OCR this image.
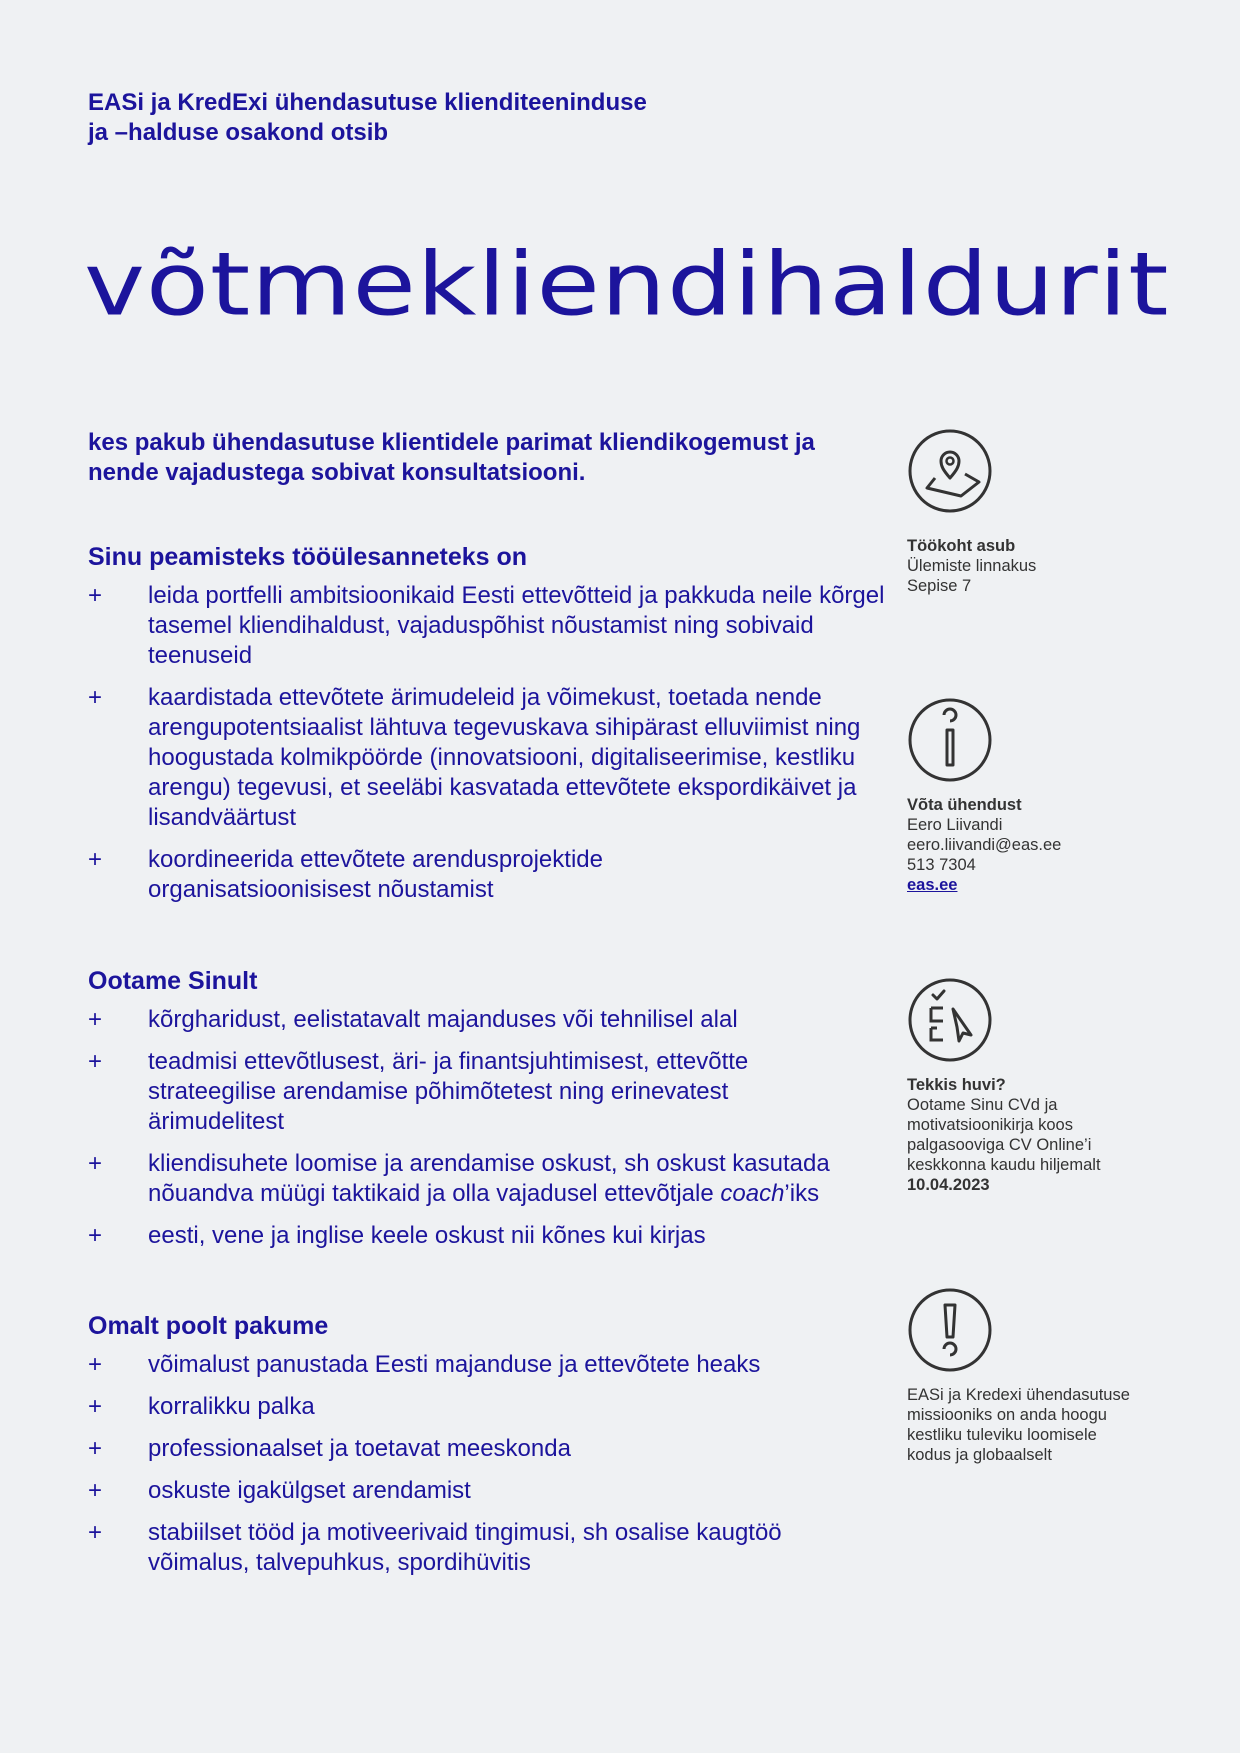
EASi ja KredExi ühendasutuse klienditeeninduse
ja –halduse osakond otsib
võtmekliendihaldurit
kes pakub ühendasutuse klientidele parimat kliendikogemust ja
nende vajadustega sobivat konsultatsiooni.
Sinu peamisteks tööülesanneteks on
+	leida portfelli ambitsioonikaid Eesti ettevõtteid ja pakkuda neile kõrgel tasemel kliendihaldust, vajaduspõhist nõustamist ning sobivaid teenuseid
+	kaardistada ettevõtete ärimudeleid ja võimekust, toetada nende arengupotentsiaalist lähtuva tegevuskava sihipärast elluviimist ning hoogustada kolmikpöörde (innovatsiooni, digitaliseerimise, kestliku arengu) tegevusi, et seeläbi kasvatada ettevõtete ekspordikäivet ja lisandväärtust
+	koordineerida ettevõtete arendusprojektide organisatsioonisisest nõustamist
Ootame Sinult
+	kõrgharidust, eelistatavalt majanduses või tehnilisel alal
+	teadmisi ettevõtlusest, äri- ja finantsjuhtimisest, ettevõtte strateegilise arendamise põhimõtetest ning erinevatest ärimudelitest
+	kliendisuhete loomise ja arendamise oskust, sh oskust kasutada nõuandva müügi taktikaid ja olla vajadusel ettevõtjale coach’iks
+	eesti, vene ja inglise keele oskust nii kõnes kui kirjas
Omalt poolt pakume
+	võimalust panustada Eesti majanduse ja ettevõtete heaks
+	korralikku palka
+	professionaalset ja toetavat meeskonda
+	oskuste igakülgset arendamist
+	stabiilset tööd ja motiveerivaid tingimusi, sh osalise kaugtöö võimalus, talvepuhkus, spordihüvitis
Töökoht asub
Ülemiste linnakus
Sepise 7
Võta ühendust
Eero Liivandi
eero.liivandi@eas.ee
513 7304
eas.ee
Tekkis huvi?
Ootame Sinu CVd ja
motivatsioonikirja koos
palgasooviga CV Online’i
keskkonna kaudu hiljemalt
10.04.2023
EASi ja Kredexi ühendasutuse
missiooniks on anda hoogu
kestliku tuleviku loomisele
kodus ja globaalselt
